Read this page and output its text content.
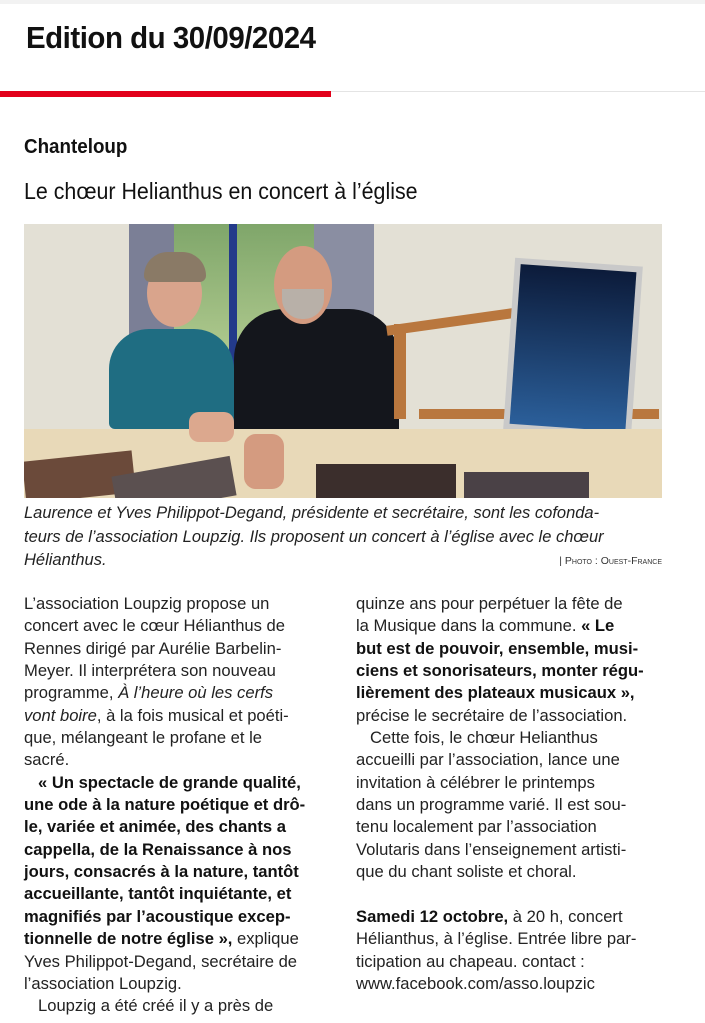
Edition du 30/09/2024
Chanteloup
Le chœur Helianthus en concert à l’église
Laurence et Yves Philippot-Degand, présidente et secrétaire, sont les cofonda-
teurs de l’association Loupzig. Ils proposent un concert à l’église avec le chœur
Hélianthus.	| Photo : Ouest-France
L’association Loupzig propose un
concert avec le cœur Hélianthus de
Rennes dirigé par Aurélie Barbelin-
Meyer. Il interprétera son nouveau
programme, À l’heure où les cerfs
vont boire, à la fois musical et poéti-
que, mélangeant le profane et le
sacré.
« Un spectacle de grande qualité,
une ode à la nature poétique et drô-
le, variée et animée, des chants a
cappella, de la Renaissance à nos
jours, consacrés à la nature, tantôt
accueillante, tantôt inquiétante, et
magnifiés par l’acoustique excep-
tionnelle de notre église », explique
Yves Philippot-Degand, secrétaire de
l’association Loupzig.
Loupzig a été créé il y a près de
quinze ans pour perpétuer la fête de
la Musique dans la commune. « Le
but est de pouvoir, ensemble, musi-
ciens et sonorisateurs, monter régu-
lièrement des plateaux musicaux »,
précise le secrétaire de l’association.
Cette fois, le chœur Helianthus
accueilli par l’association, lance une
invitation à célébrer le printemps
dans un programme varié. Il est sou-
tenu localement par l’association
Volutaris dans l’enseignement artisti-
que du chant soliste et choral.
Samedi 12 octobre, à 20 h, concert
Hélianthus, à l’église. Entrée libre par-
ticipation au chapeau. contact :
www.facebook.com/asso.loupzic
